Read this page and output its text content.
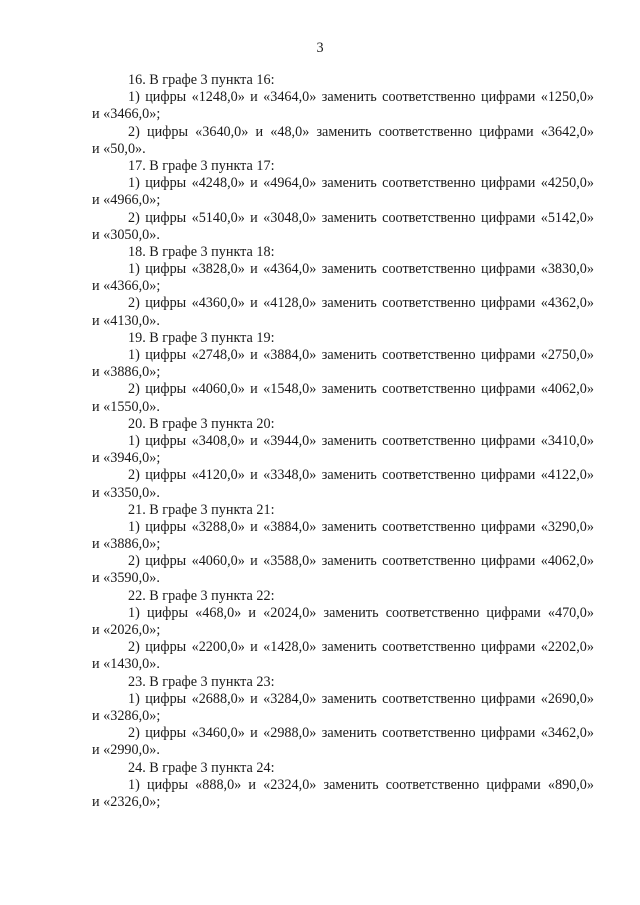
3
16. В графе 3 пункта 16:
1) цифры «1248,0» и «3464,0» заменить соответственно цифрами «1250,0»
и «3466,0»;
2) цифры «3640,0» и «48,0» заменить соответственно цифрами «3642,0»
и «50,0».
17. В графе 3 пункта 17:
1) цифры «4248,0» и «4964,0» заменить соответственно цифрами «4250,0»
и «4966,0»;
2) цифры «5140,0» и «3048,0» заменить соответственно цифрами «5142,0»
и «3050,0».
18. В графе 3 пункта 18:
1) цифры «3828,0» и «4364,0» заменить соответственно цифрами «3830,0»
и «4366,0»;
2) цифры «4360,0» и «4128,0» заменить соответственно цифрами «4362,0»
и «4130,0».
19. В графе 3 пункта 19:
1) цифры «2748,0» и «3884,0» заменить соответственно цифрами «2750,0»
и «3886,0»;
2) цифры «4060,0» и «1548,0» заменить соответственно цифрами «4062,0»
и «1550,0».
20. В графе 3 пункта 20:
1) цифры «3408,0» и «3944,0» заменить соответственно цифрами «3410,0»
и «3946,0»;
2) цифры «4120,0» и «3348,0» заменить соответственно цифрами «4122,0»
и «3350,0».
21. В графе 3 пункта 21:
1) цифры «3288,0» и «3884,0» заменить соответственно цифрами «3290,0»
и «3886,0»;
2) цифры «4060,0» и «3588,0» заменить соответственно цифрами «4062,0»
и «3590,0».
22. В графе 3 пункта 22:
1) цифры «468,0» и «2024,0» заменить соответственно цифрами «470,0»
и «2026,0»;
2) цифры «2200,0» и «1428,0» заменить соответственно цифрами «2202,0»
и «1430,0».
23. В графе 3 пункта 23:
1) цифры «2688,0» и «3284,0» заменить соответственно цифрами «2690,0»
и «3286,0»;
2) цифры «3460,0» и «2988,0» заменить соответственно цифрами «3462,0»
и «2990,0».
24. В графе 3 пункта 24:
1) цифры «888,0» и «2324,0» заменить соответственно цифрами «890,0»
и «2326,0»;
